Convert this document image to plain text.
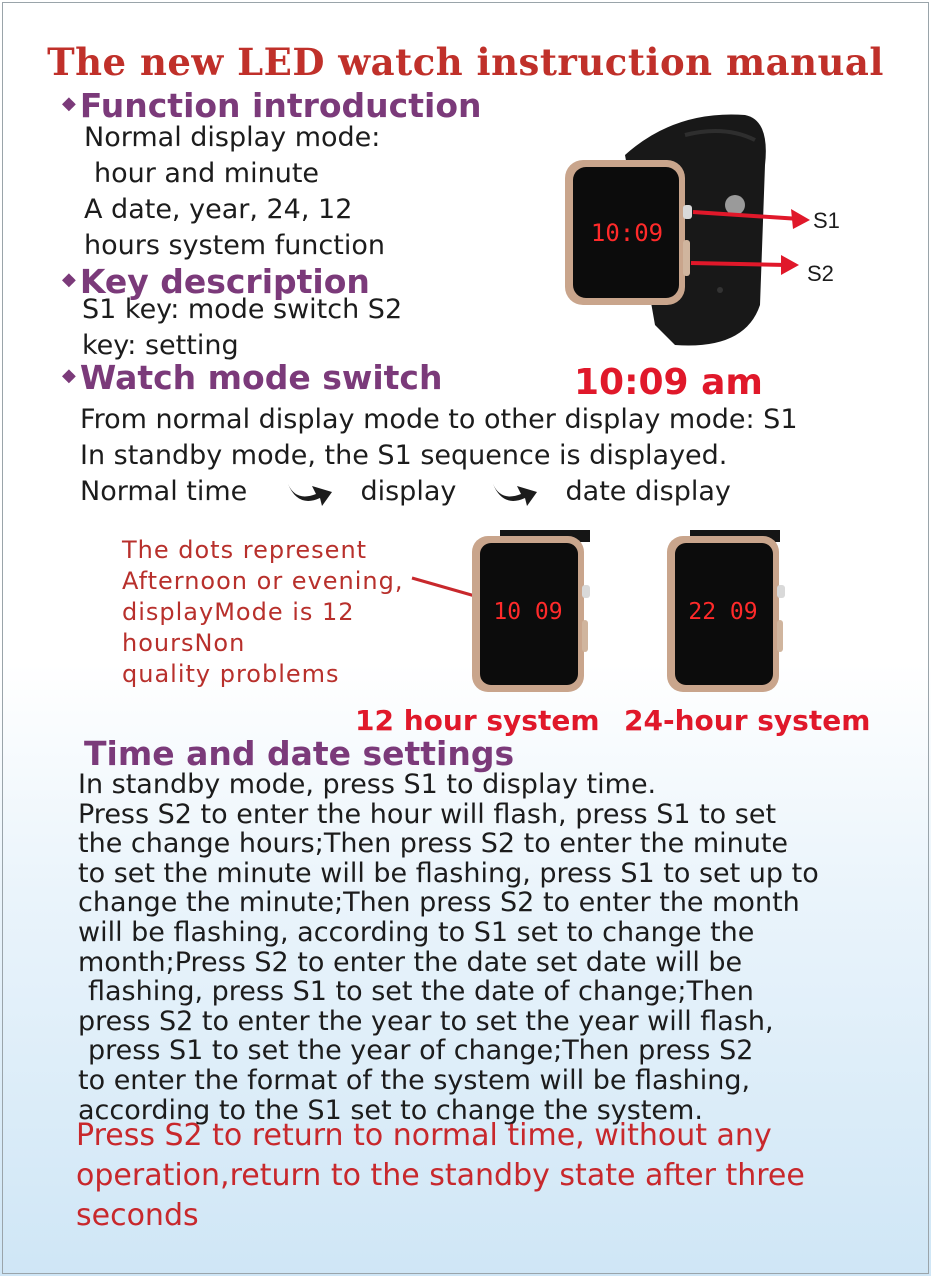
The new LED watch instruction manual
◆ Function introduction
Normal display mode:
hour and minute
A date, year, 24, 12
hours system function
◆ Key description
S1 key: mode switch S2
key: setting
◆ Watch mode switch	10:09 am
From normal display mode to other display mode: S1
In standby mode, the S1 sequence is displayed.
Normal time	display	date display
10:09	S1
S2
The dots represent
Afternoon or evening,
displayMode is 12
hoursNon
quality problems
10 09	22 09
12 hour system 24-hour system
Time and date settings
In standby mode, press S1 to display time.
Press S2 to enter the hour will flash, press S1 to set
the change hours;Then press S2 to enter the minute
to set the minute will be flashing, press S1 to set up to
change the minute;Then press S2 to enter the month
will be flashing, according to S1 set to change the
month;Press S2 to enter the date set date will be
flashing, press S1 to set the date of change;Then
press S2 to enter the year to set the year will flash,
press S1 to set the year of change;Then press S2
to enter the format of the system will be flashing,
according to the S1 set to change the system.
Press S2 to return to normal time, without any
operation,return to the standby state after three
seconds
